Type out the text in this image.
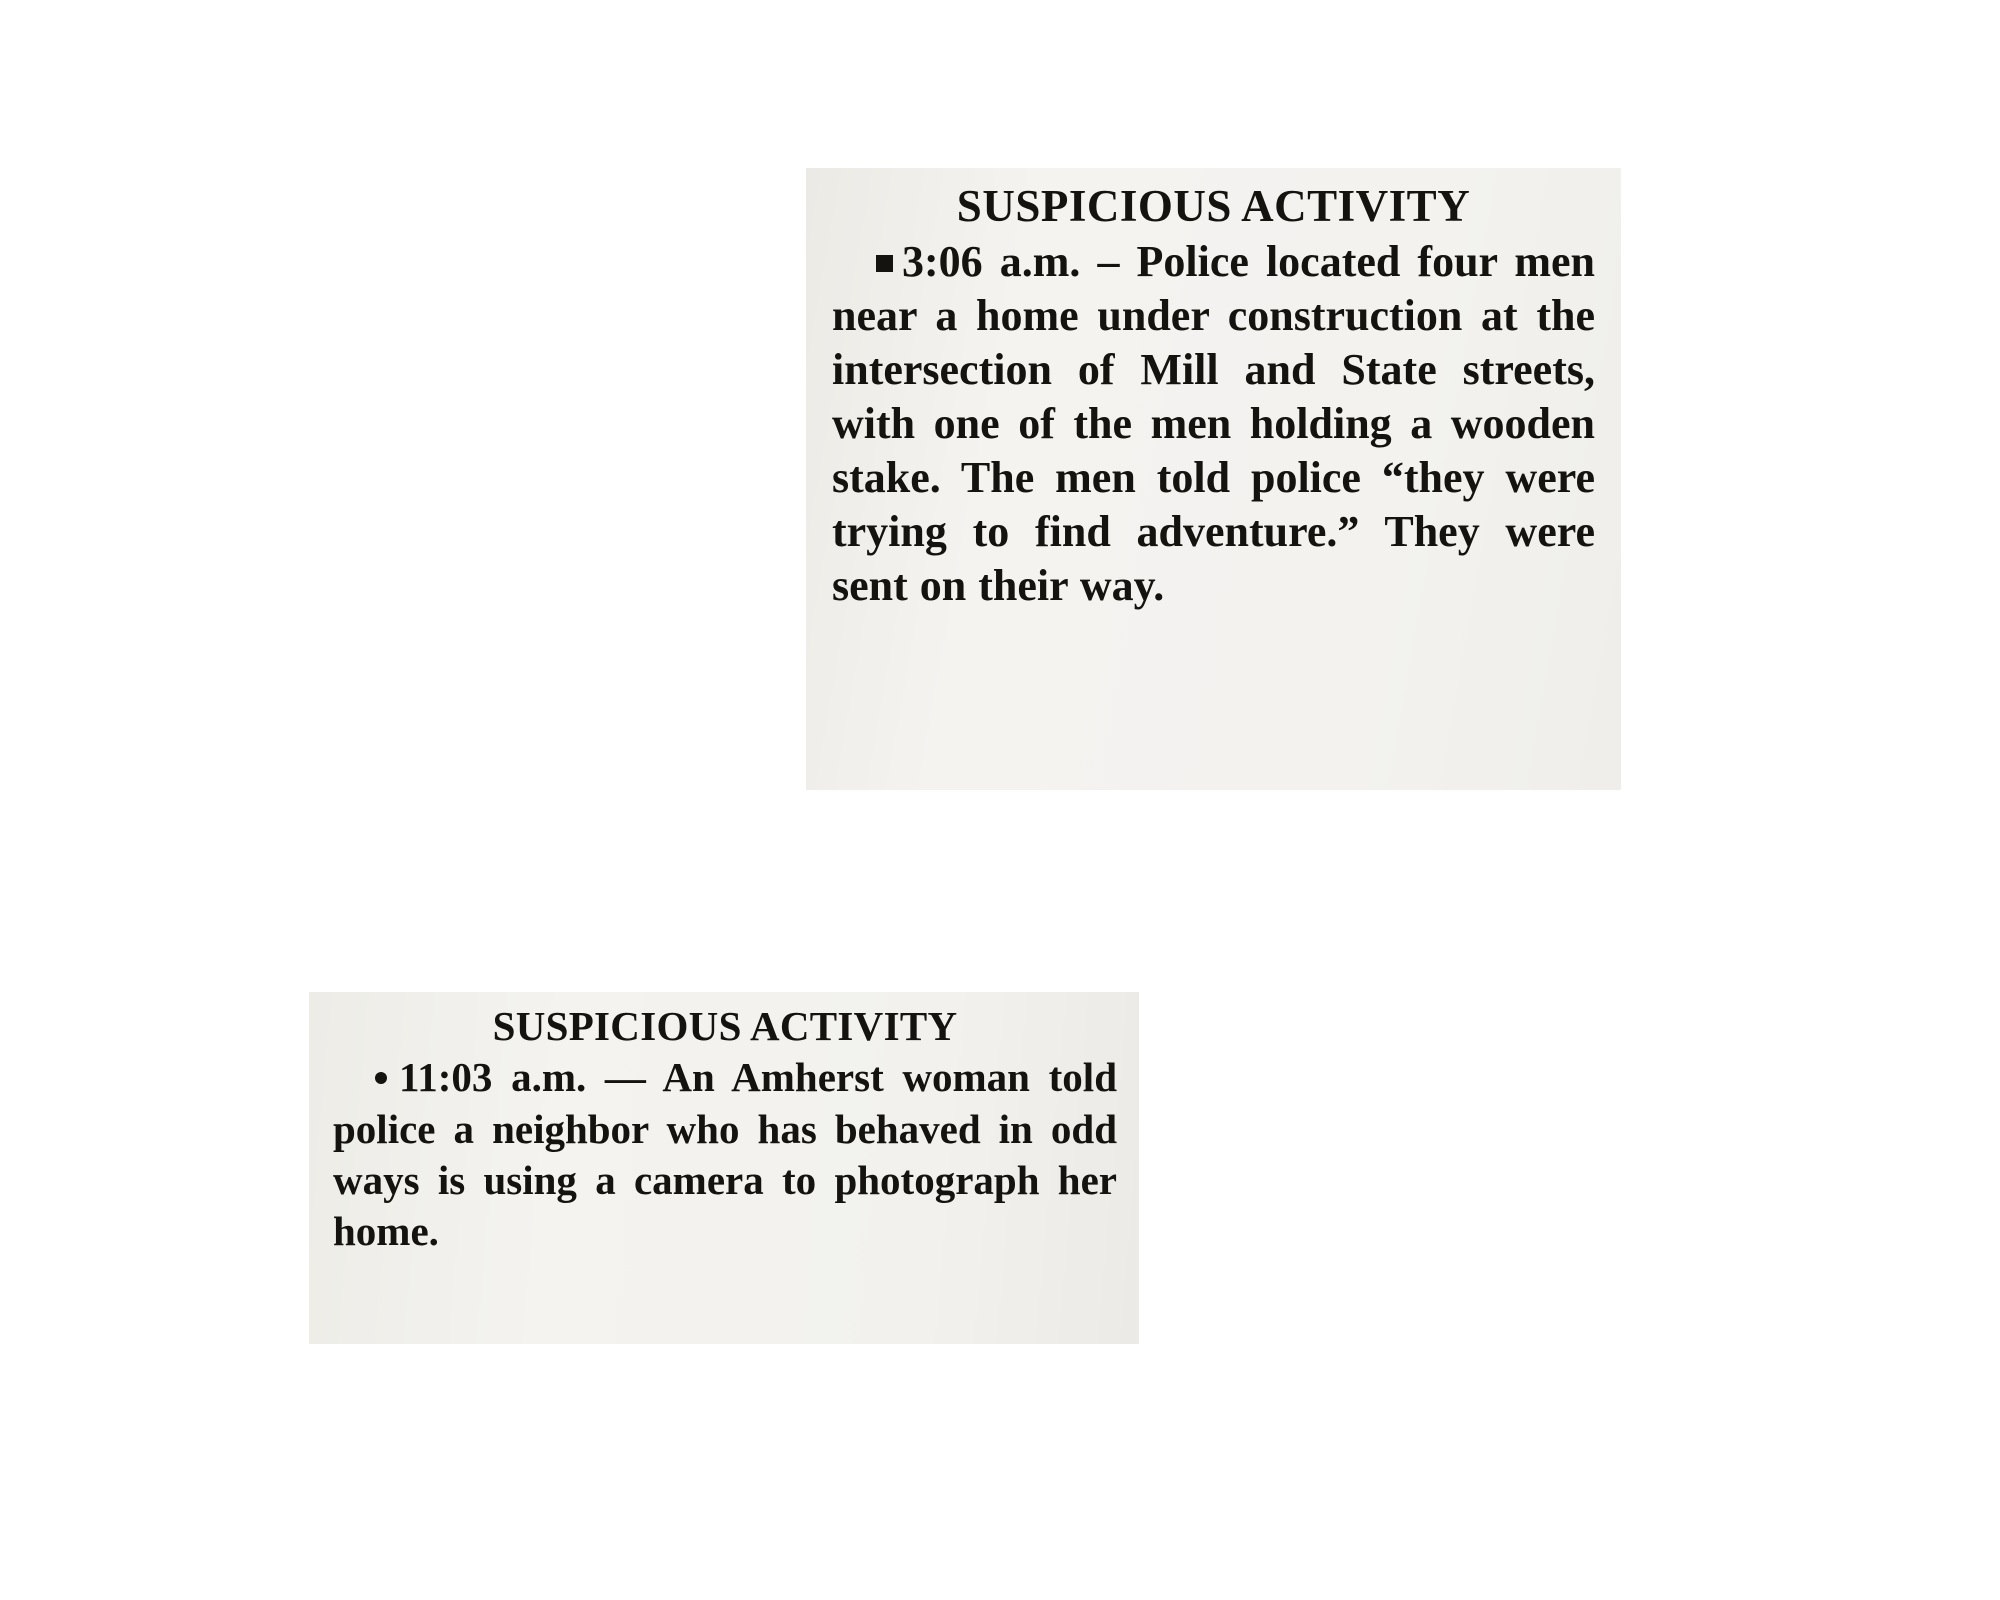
SUSPICIOUS ACTIVITY

3:06 a.m. – Police located four men near a home under construction at the intersection of Mill and State streets, with one of the men holding a wooden stake. The men told police “they were trying to find adventure.” They were sent on their way.

SUSPICIOUS ACTIVITY

11:03 a.m. — An Amherst woman told police a neighbor who has behaved in odd ways is using a camera to photograph her home.
